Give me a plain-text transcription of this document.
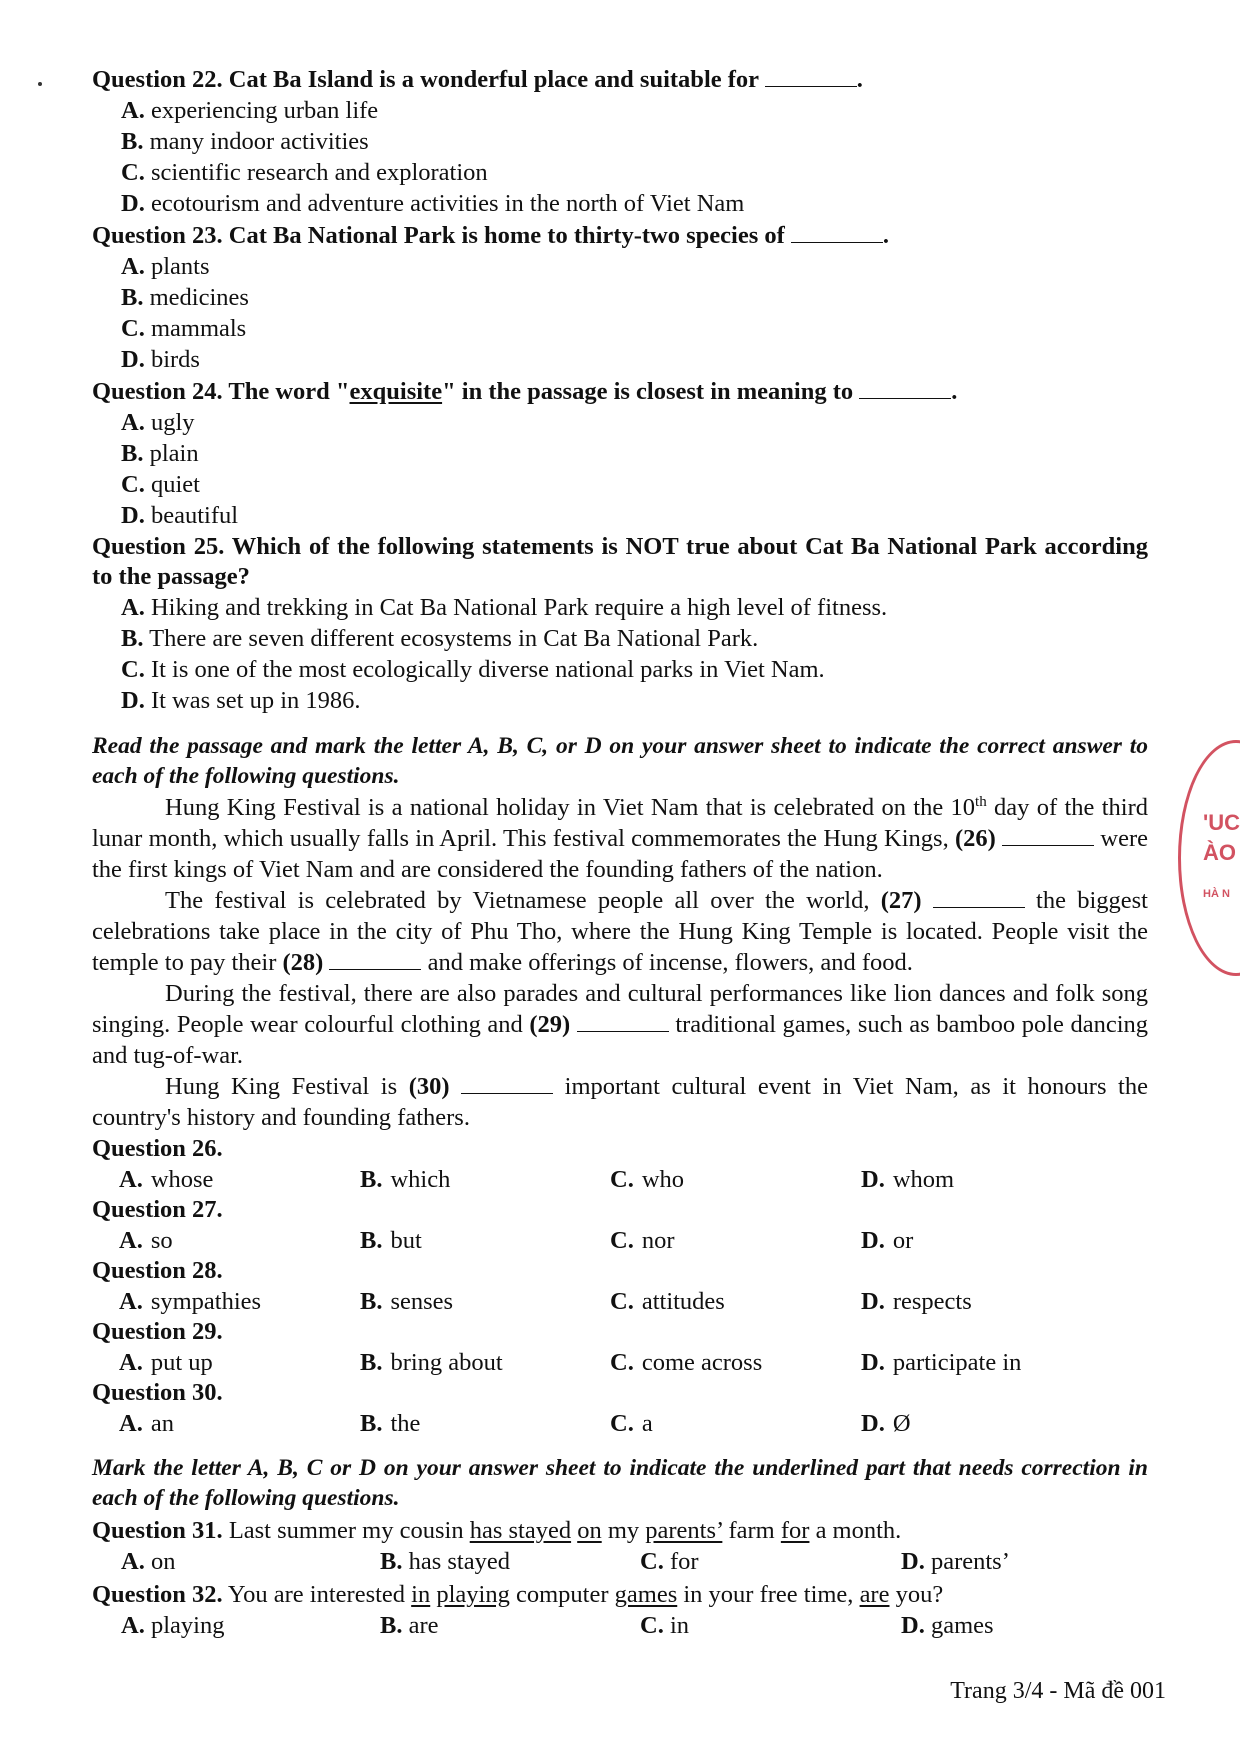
'UC
ÀO
HÀ N
Question 22. Cat Ba Island is a wonderful place and suitable for	.
A. experiencing urban life
B. many indoor activities
C. scientific research and exploration
D. ecotourism and adventure activities in the north of Viet Nam
Question 23. Cat Ba National Park is home to thirty-two species of	.
A. plants
B. medicines
C. mammals
D. birds
Question 24. The word "exquisite" in the passage is closest in meaning to	.
A. ugly
B. plain
C. quiet
D. beautiful
Question 25. Which of the following statements is NOT true about Cat Ba National Park according to the passage?
A. Hiking and trekking in Cat Ba National Park require a high level of fitness.
B. There are seven different ecosystems in Cat Ba National Park.
C. It is one of the most ecologically diverse national parks in Viet Nam.
D. It was set up in 1986.
Read the passage and mark the letter A, B, C, or D on your answer sheet to indicate the correct answer to each of the following questions.
Hung King Festival is a national holiday in Viet Nam that is celebrated on the 10th day of the third lunar month, which usually falls in April. This festival commemorates the Hung Kings, (26)	were the first kings of Viet Nam and are considered the founding fathers of the nation.
The festival is celebrated by Vietnamese people all over the world, (27)	the biggest celebrations take place in the city of Phu Tho, where the Hung King Temple is located. People visit the temple to pay their (28)	and make offerings of incense, flowers, and food.
During the festival, there are also parades and cultural performances like lion dances and folk song singing. People wear colourful clothing and (29)	traditional games, such as bamboo pole dancing and tug-of-war.
Hung King Festival is (30)	important cultural event in Viet Nam, as it honours the country's history and founding fathers.
Question 26.
A. whose	B. which	C. who	D. whom
Question 27.
A. so	B. but	C. nor	D. or
Question 28.
A. sympathies	B. senses	C. attitudes	D. respects
Question 29.
A. put up	B. bring about	C. come across	D. participate in
Question 30.
A. an	B. the	C. a	D. Ø
Mark the letter A, B, C or D on your answer sheet to indicate the underlined part that needs correction in each of the following questions.
Question 31. Last summer my cousin has stayed on my parents’ farm for a month.
A. on	B. has stayed	C. for	D. parents’
Question 32. You are interested in playing computer games in your free time, are you?
A. playing	B. are	C. in	D. games
Trang 3/4 - Mã đề 001
